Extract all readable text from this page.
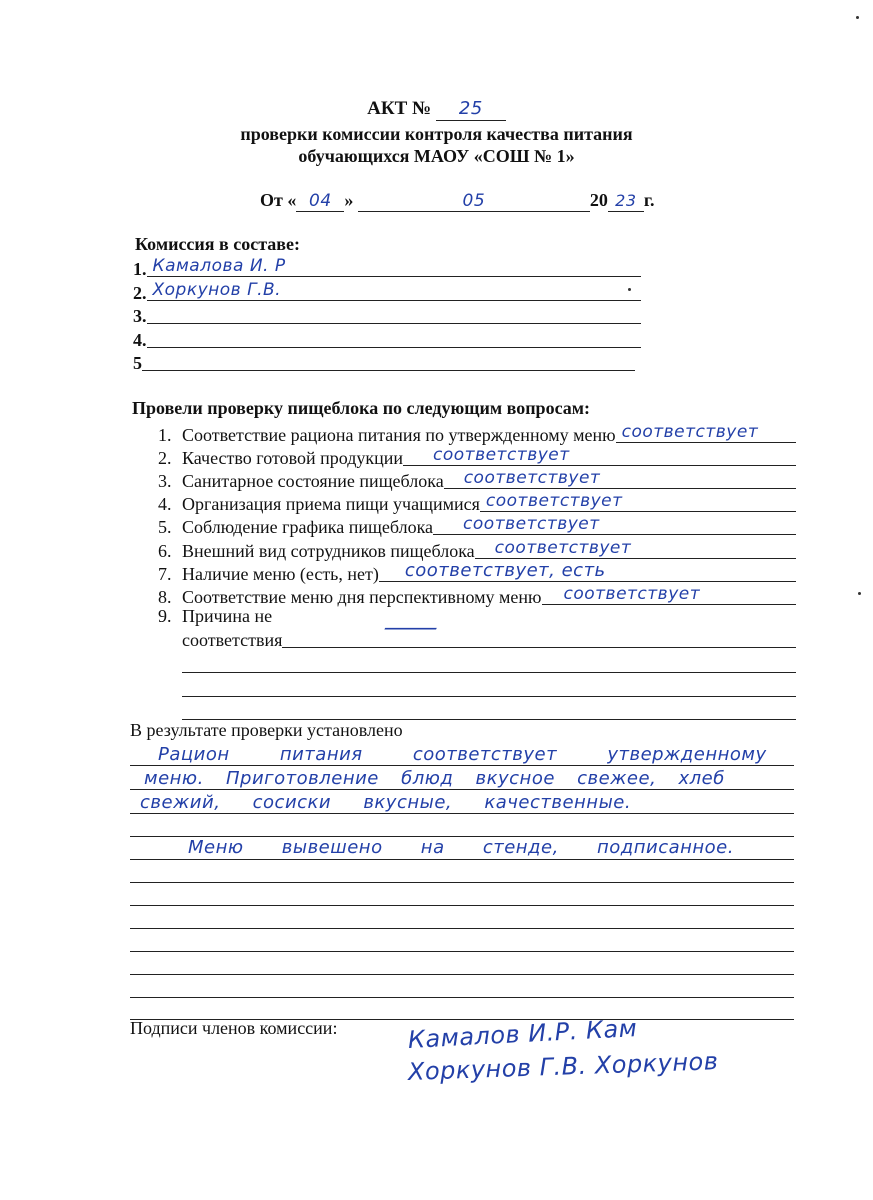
АКТ № 25
проверки комиссии контроля качества питания
обучающихся МАОУ «СОШ № 1»
От « 04 »	05	20 23 г.
Комиссия в составе:
1. Камалова И. Р
2. Хоркунов Г.В.
3.
4.
5
Провели проверку пищеблока по следующим вопросам:
1. Соответствие рациона питания по утвержденному меню соответствует
2. Качество готовой продукции соответствует
3. Санитарное состояние пищеблока соответствует
4. Организация приема пищи учащимися соответствует
5. Соблюдение графика пищеблока соответствует
6. Внешний вид сотрудников пищеблока соответствует
7. Наличие меню (есть, нет) соответствует, есть
8. Соответствие меню дня перспективному меню соответствует
9. Причина не
соответствия	—
В результате проверки установлено
Рацион питания соответствует утвержденному
меню. Приготовление блюд вкусное свежее, хлеб
свежий, сосиски вкусные, качественные.
Меню вывешено на стенде, подписанное.
Подписи членов комиссии:	Камалов И.Р. Кам
Хоркунов Г.В. Хоркунов
